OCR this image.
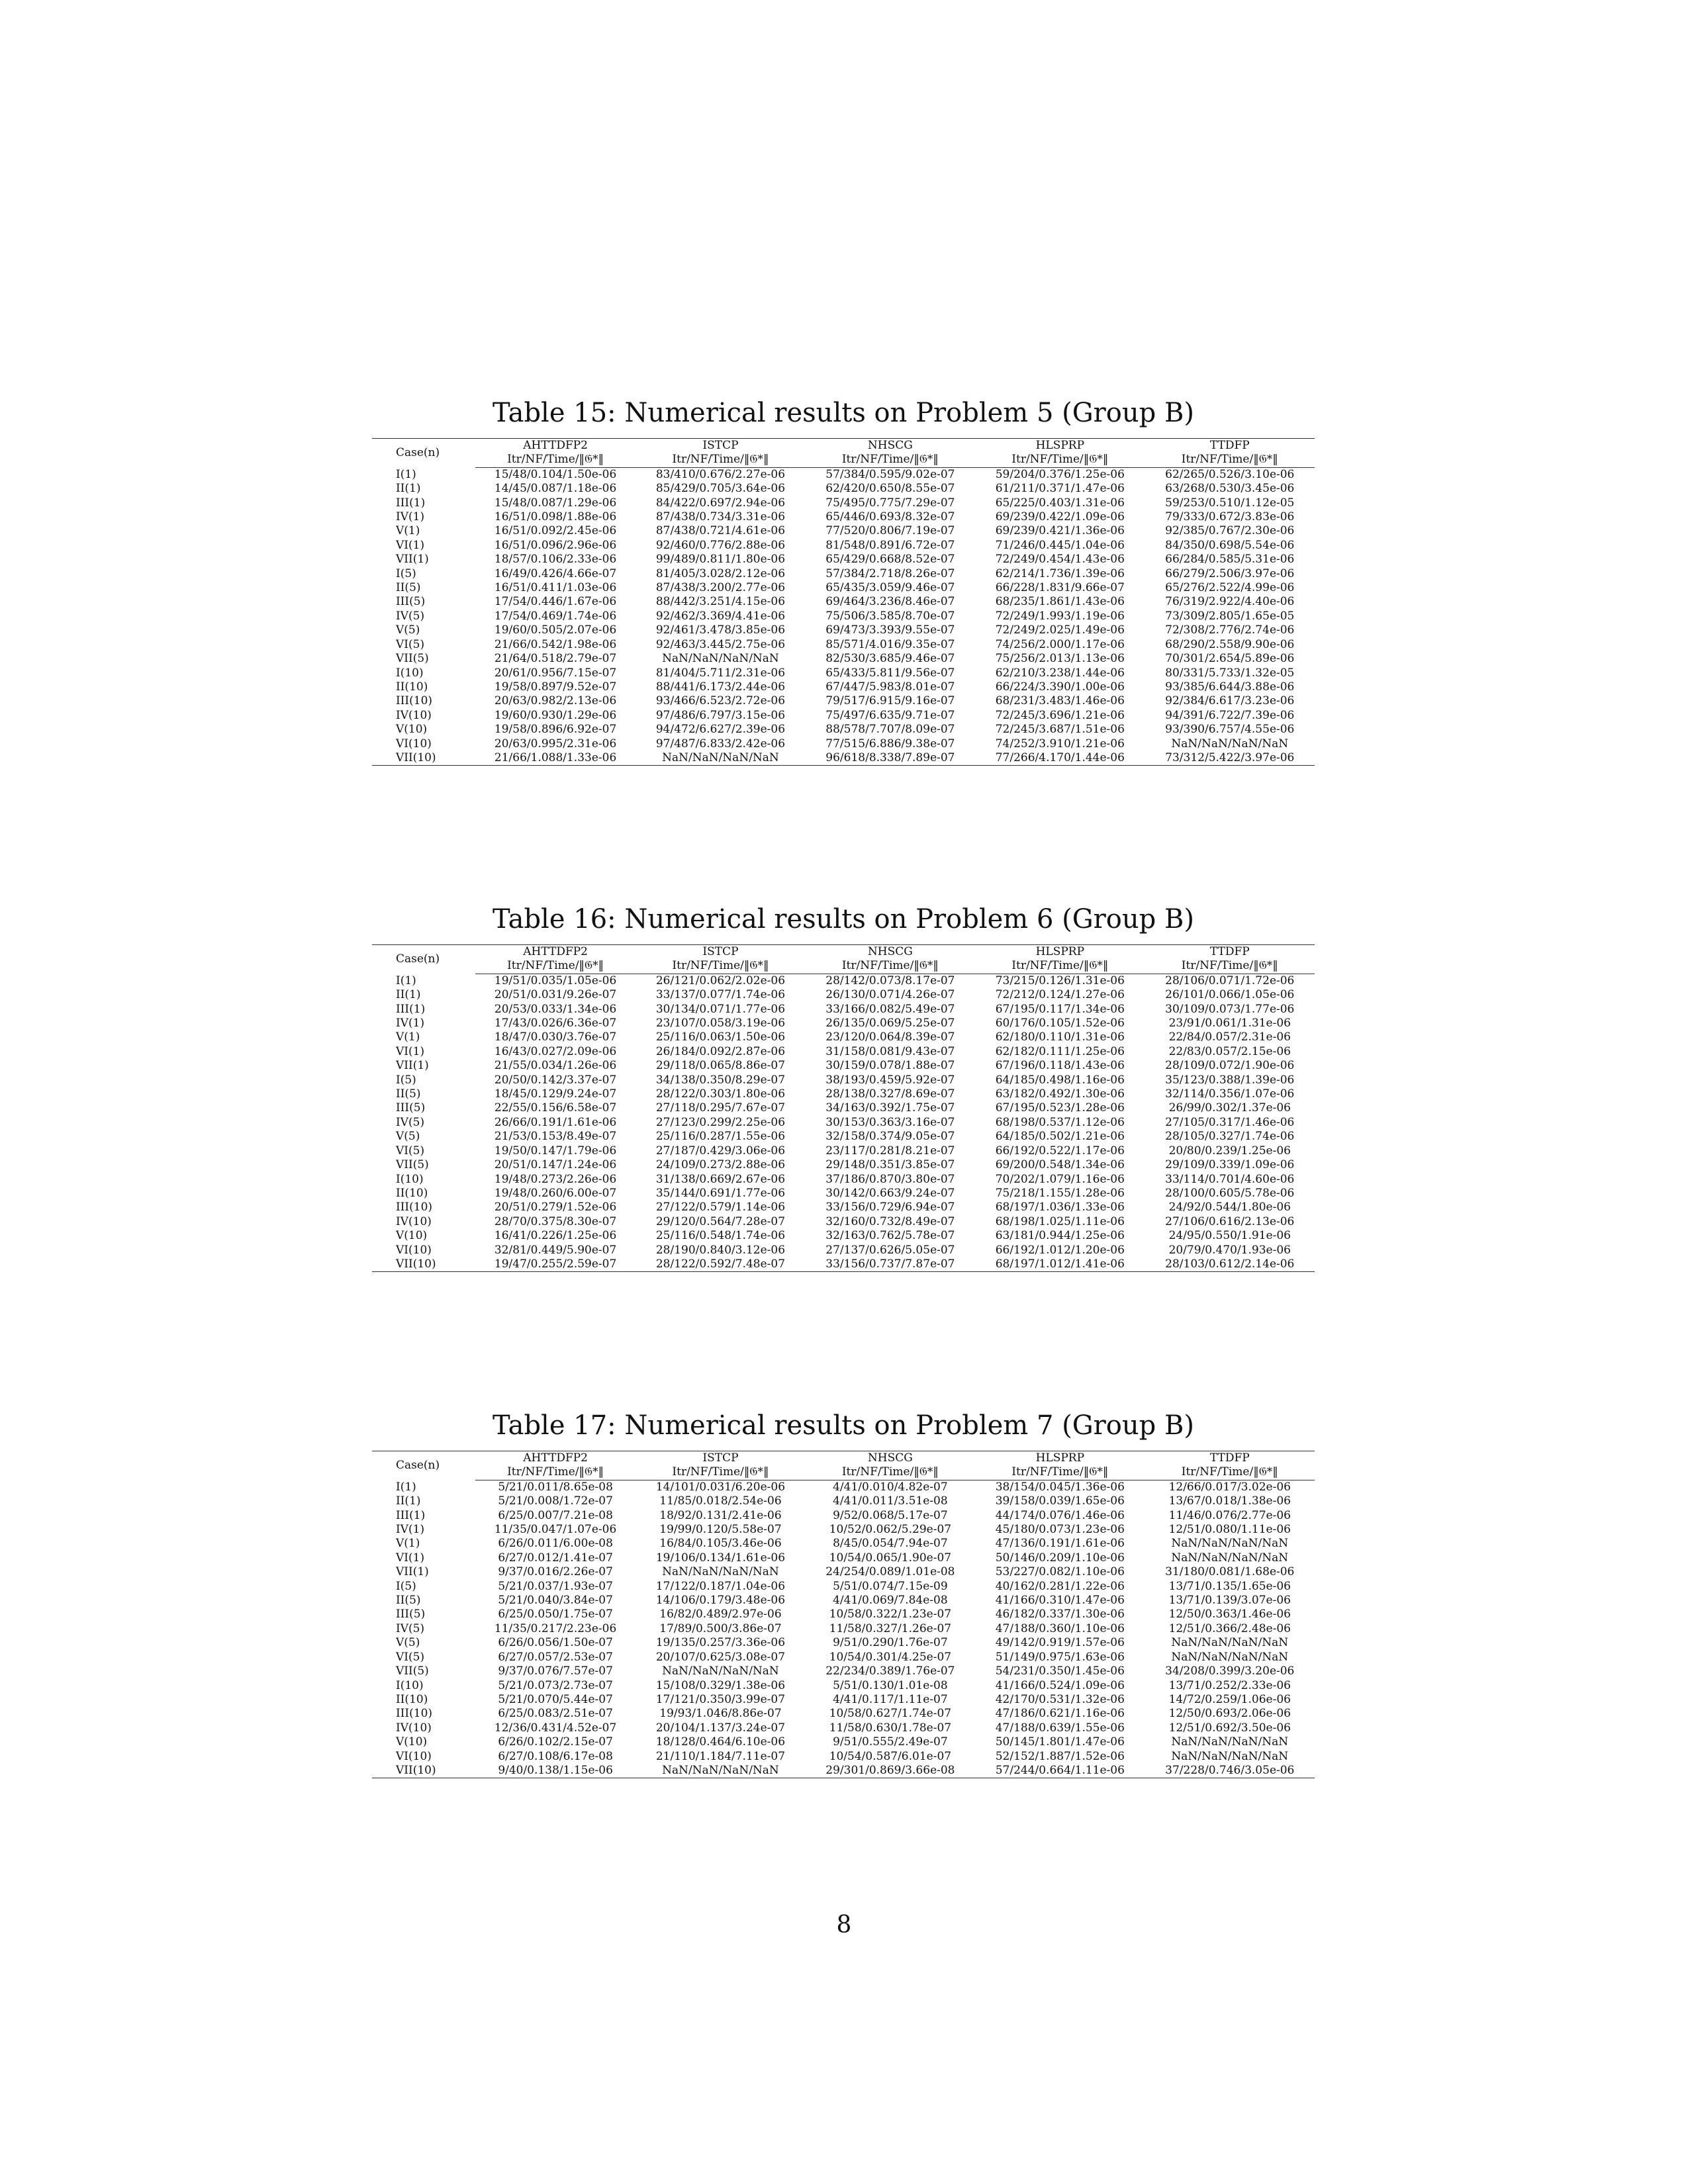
Table 15: Numerical results on Problem 5 (Group B)
Case(n)	AHTTDFP2	ISTCP	NHSCG	HLSPRP	TTDFP
	Itr/NF/Time/‖𝔊*‖	Itr/NF/Time/‖𝔊*‖	Itr/NF/Time/‖𝔊*‖	Itr/NF/Time/‖𝔊*‖	Itr/NF/Time/‖𝔊*‖
I(1)	15/48/0.104/1.50e-06	83/410/0.676/2.27e-06	57/384/0.595/9.02e-07	59/204/0.376/1.25e-06	62/265/0.526/3.10e-06
II(1)	14/45/0.087/1.18e-06	85/429/0.705/3.64e-06	62/420/0.650/8.55e-07	61/211/0.371/1.47e-06	63/268/0.530/3.45e-06
III(1)	15/48/0.087/1.29e-06	84/422/0.697/2.94e-06	75/495/0.775/7.29e-07	65/225/0.403/1.31e-06	59/253/0.510/1.12e-05
IV(1)	16/51/0.098/1.88e-06	87/438/0.734/3.31e-06	65/446/0.693/8.32e-07	69/239/0.422/1.09e-06	79/333/0.672/3.83e-06
V(1)	16/51/0.092/2.45e-06	87/438/0.721/4.61e-06	77/520/0.806/7.19e-07	69/239/0.421/1.36e-06	92/385/0.767/2.30e-06
VI(1)	16/51/0.096/2.96e-06	92/460/0.776/2.88e-06	81/548/0.891/6.72e-07	71/246/0.445/1.04e-06	84/350/0.698/5.54e-06
VII(1)	18/57/0.106/2.33e-06	99/489/0.811/1.80e-06	65/429/0.668/8.52e-07	72/249/0.454/1.43e-06	66/284/0.585/5.31e-06
I(5)	16/49/0.426/4.66e-07	81/405/3.028/2.12e-06	57/384/2.718/8.26e-07	62/214/1.736/1.39e-06	66/279/2.506/3.97e-06
II(5)	16/51/0.411/1.03e-06	87/438/3.200/2.77e-06	65/435/3.059/9.46e-07	66/228/1.831/9.66e-07	65/276/2.522/4.99e-06
III(5)	17/54/0.446/1.67e-06	88/442/3.251/4.15e-06	69/464/3.236/8.46e-07	68/235/1.861/1.43e-06	76/319/2.922/4.40e-06
IV(5)	17/54/0.469/1.74e-06	92/462/3.369/4.41e-06	75/506/3.585/8.70e-07	72/249/1.993/1.19e-06	73/309/2.805/1.65e-05
V(5)	19/60/0.505/2.07e-06	92/461/3.478/3.85e-06	69/473/3.393/9.55e-07	72/249/2.025/1.49e-06	72/308/2.776/2.74e-06
VI(5)	21/66/0.542/1.98e-06	92/463/3.445/2.75e-06	85/571/4.016/9.35e-07	74/256/2.000/1.17e-06	68/290/2.558/9.90e-06
VII(5)	21/64/0.518/2.79e-07	NaN/NaN/NaN/NaN	82/530/3.685/9.46e-07	75/256/2.013/1.13e-06	70/301/2.654/5.89e-06
I(10)	20/61/0.956/7.15e-07	81/404/5.711/2.31e-06	65/433/5.811/9.56e-07	62/210/3.238/1.44e-06	80/331/5.733/1.32e-05
II(10)	19/58/0.897/9.52e-07	88/441/6.173/2.44e-06	67/447/5.983/8.01e-07	66/224/3.390/1.00e-06	93/385/6.644/3.88e-06
III(10)	20/63/0.982/2.13e-06	93/466/6.523/2.72e-06	79/517/6.915/9.16e-07	68/231/3.483/1.46e-06	92/384/6.617/3.23e-06
IV(10)	19/60/0.930/1.29e-06	97/486/6.797/3.15e-06	75/497/6.635/9.71e-07	72/245/3.696/1.21e-06	94/391/6.722/7.39e-06
V(10)	19/58/0.896/6.92e-07	94/472/6.627/2.39e-06	88/578/7.707/8.09e-07	72/245/3.687/1.51e-06	93/390/6.757/4.55e-06
VI(10)	20/63/0.995/2.31e-06	97/487/6.833/2.42e-06	77/515/6.886/9.38e-07	74/252/3.910/1.21e-06	NaN/NaN/NaN/NaN
VII(10)	21/66/1.088/1.33e-06	NaN/NaN/NaN/NaN	96/618/8.338/7.89e-07	77/266/4.170/1.44e-06	73/312/5.422/3.97e-06
Table 16: Numerical results on Problem 6 (Group B)
Case(n)	AHTTDFP2	ISTCP	NHSCG	HLSPRP	TTDFP
	Itr/NF/Time/‖𝔊*‖	Itr/NF/Time/‖𝔊*‖	Itr/NF/Time/‖𝔊*‖	Itr/NF/Time/‖𝔊*‖	Itr/NF/Time/‖𝔊*‖
I(1)	19/51/0.035/1.05e-06	26/121/0.062/2.02e-06	28/142/0.073/8.17e-07	73/215/0.126/1.31e-06	28/106/0.071/1.72e-06
II(1)	20/51/0.031/9.26e-07	33/137/0.077/1.74e-06	26/130/0.071/4.26e-07	72/212/0.124/1.27e-06	26/101/0.066/1.05e-06
III(1)	20/53/0.033/1.34e-06	30/134/0.071/1.77e-06	33/166/0.082/5.49e-07	67/195/0.117/1.34e-06	30/109/0.073/1.77e-06
IV(1)	17/43/0.026/6.36e-07	23/107/0.058/3.19e-06	26/135/0.069/5.25e-07	60/176/0.105/1.52e-06	23/91/0.061/1.31e-06
V(1)	18/47/0.030/3.76e-07	25/116/0.063/1.50e-06	23/120/0.064/8.39e-07	62/180/0.110/1.31e-06	22/84/0.057/2.31e-06
VI(1)	16/43/0.027/2.09e-06	26/184/0.092/2.87e-06	31/158/0.081/9.43e-07	62/182/0.111/1.25e-06	22/83/0.057/2.15e-06
VII(1)	21/55/0.034/1.26e-06	29/118/0.065/8.86e-07	30/159/0.078/1.88e-07	67/196/0.118/1.43e-06	28/109/0.072/1.90e-06
I(5)	20/50/0.142/3.37e-07	34/138/0.350/8.29e-07	38/193/0.459/5.92e-07	64/185/0.498/1.16e-06	35/123/0.388/1.39e-06
II(5)	18/45/0.129/9.24e-07	28/122/0.303/1.80e-06	28/138/0.327/8.69e-07	63/182/0.492/1.30e-06	32/114/0.356/1.07e-06
III(5)	22/55/0.156/6.58e-07	27/118/0.295/7.67e-07	34/163/0.392/1.75e-07	67/195/0.523/1.28e-06	26/99/0.302/1.37e-06
IV(5)	26/66/0.191/1.61e-06	27/123/0.299/2.25e-06	30/153/0.363/3.16e-07	68/198/0.537/1.12e-06	27/105/0.317/1.46e-06
V(5)	21/53/0.153/8.49e-07	25/116/0.287/1.55e-06	32/158/0.374/9.05e-07	64/185/0.502/1.21e-06	28/105/0.327/1.74e-06
VI(5)	19/50/0.147/1.79e-06	27/187/0.429/3.06e-06	23/117/0.281/8.21e-07	66/192/0.522/1.17e-06	20/80/0.239/1.25e-06
VII(5)	20/51/0.147/1.24e-06	24/109/0.273/2.88e-06	29/148/0.351/3.85e-07	69/200/0.548/1.34e-06	29/109/0.339/1.09e-06
I(10)	19/48/0.273/2.26e-06	31/138/0.669/2.67e-06	37/186/0.870/3.80e-07	70/202/1.079/1.16e-06	33/114/0.701/4.60e-06
II(10)	19/48/0.260/6.00e-07	35/144/0.691/1.77e-06	30/142/0.663/9.24e-07	75/218/1.155/1.28e-06	28/100/0.605/5.78e-06
III(10)	20/51/0.279/1.52e-06	27/122/0.579/1.14e-06	33/156/0.729/6.94e-07	68/197/1.036/1.33e-06	24/92/0.544/1.80e-06
IV(10)	28/70/0.375/8.30e-07	29/120/0.564/7.28e-07	32/160/0.732/8.49e-07	68/198/1.025/1.11e-06	27/106/0.616/2.13e-06
V(10)	16/41/0.226/1.25e-06	25/116/0.548/1.74e-06	32/163/0.762/5.78e-07	63/181/0.944/1.25e-06	24/95/0.550/1.91e-06
VI(10)	32/81/0.449/5.90e-07	28/190/0.840/3.12e-06	27/137/0.626/5.05e-07	66/192/1.012/1.20e-06	20/79/0.470/1.93e-06
VII(10)	19/47/0.255/2.59e-07	28/122/0.592/7.48e-07	33/156/0.737/7.87e-07	68/197/1.012/1.41e-06	28/103/0.612/2.14e-06
Table 17: Numerical results on Problem 7 (Group B)
Case(n)	AHTTDFP2	ISTCP	NHSCG	HLSPRP	TTDFP
	Itr/NF/Time/‖𝔊*‖	Itr/NF/Time/‖𝔊*‖	Itr/NF/Time/‖𝔊*‖	Itr/NF/Time/‖𝔊*‖	Itr/NF/Time/‖𝔊*‖
I(1)	5/21/0.011/8.65e-08	14/101/0.031/6.20e-06	4/41/0.010/4.82e-07	38/154/0.045/1.36e-06	12/66/0.017/3.02e-06
II(1)	5/21/0.008/1.72e-07	11/85/0.018/2.54e-06	4/41/0.011/3.51e-08	39/158/0.039/1.65e-06	13/67/0.018/1.38e-06
III(1)	6/25/0.007/7.21e-08	18/92/0.131/2.41e-06	9/52/0.068/5.17e-07	44/174/0.076/1.46e-06	11/46/0.076/2.77e-06
IV(1)	11/35/0.047/1.07e-06	19/99/0.120/5.58e-07	10/52/0.062/5.29e-07	45/180/0.073/1.23e-06	12/51/0.080/1.11e-06
V(1)	6/26/0.011/6.00e-08	16/84/0.105/3.46e-06	8/45/0.054/7.94e-07	47/136/0.191/1.61e-06	NaN/NaN/NaN/NaN
VI(1)	6/27/0.012/1.41e-07	19/106/0.134/1.61e-06	10/54/0.065/1.90e-07	50/146/0.209/1.10e-06	NaN/NaN/NaN/NaN
VII(1)	9/37/0.016/2.26e-07	NaN/NaN/NaN/NaN	24/254/0.089/1.01e-08	53/227/0.082/1.10e-06	31/180/0.081/1.68e-06
I(5)	5/21/0.037/1.93e-07	17/122/0.187/1.04e-06	5/51/0.074/7.15e-09	40/162/0.281/1.22e-06	13/71/0.135/1.65e-06
II(5)	5/21/0.040/3.84e-07	14/106/0.179/3.48e-06	4/41/0.069/7.84e-08	41/166/0.310/1.47e-06	13/71/0.139/3.07e-06
III(5)	6/25/0.050/1.75e-07	16/82/0.489/2.97e-06	10/58/0.322/1.23e-07	46/182/0.337/1.30e-06	12/50/0.363/1.46e-06
IV(5)	11/35/0.217/2.23e-06	17/89/0.500/3.86e-07	11/58/0.327/1.26e-07	47/188/0.360/1.10e-06	12/51/0.366/2.48e-06
V(5)	6/26/0.056/1.50e-07	19/135/0.257/3.36e-06	9/51/0.290/1.76e-07	49/142/0.919/1.57e-06	NaN/NaN/NaN/NaN
VI(5)	6/27/0.057/2.53e-07	20/107/0.625/3.08e-07	10/54/0.301/4.25e-07	51/149/0.975/1.63e-06	NaN/NaN/NaN/NaN
VII(5)	9/37/0.076/7.57e-07	NaN/NaN/NaN/NaN	22/234/0.389/1.76e-07	54/231/0.350/1.45e-06	34/208/0.399/3.20e-06
I(10)	5/21/0.073/2.73e-07	15/108/0.329/1.38e-06	5/51/0.130/1.01e-08	41/166/0.524/1.09e-06	13/71/0.252/2.33e-06
II(10)	5/21/0.070/5.44e-07	17/121/0.350/3.99e-07	4/41/0.117/1.11e-07	42/170/0.531/1.32e-06	14/72/0.259/1.06e-06
III(10)	6/25/0.083/2.51e-07	19/93/1.046/8.86e-07	10/58/0.627/1.74e-07	47/186/0.621/1.16e-06	12/50/0.693/2.06e-06
IV(10)	12/36/0.431/4.52e-07	20/104/1.137/3.24e-07	11/58/0.630/1.78e-07	47/188/0.639/1.55e-06	12/51/0.692/3.50e-06
V(10)	6/26/0.102/2.15e-07	18/128/0.464/6.10e-06	9/51/0.555/2.49e-07	50/145/1.801/1.47e-06	NaN/NaN/NaN/NaN
VI(10)	6/27/0.108/6.17e-08	21/110/1.184/7.11e-07	10/54/0.587/6.01e-07	52/152/1.887/1.52e-06	NaN/NaN/NaN/NaN
VII(10)	9/40/0.138/1.15e-06	NaN/NaN/NaN/NaN	29/301/0.869/3.66e-08	57/244/0.664/1.11e-06	37/228/0.746/3.05e-06
8
